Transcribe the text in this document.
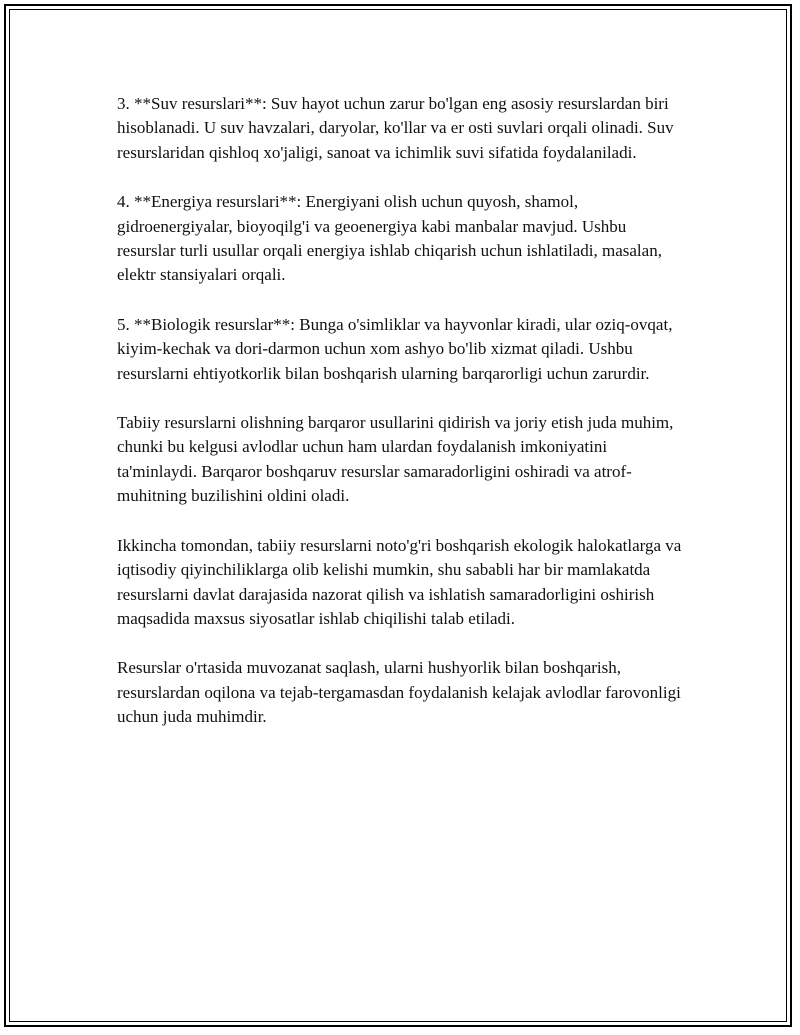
3. **Suv resurslari**: Suv hayot uchun zarur bo'lgan eng asosiy resurslardan biri hisoblanadi. U suv havzalari, daryolar, ko'llar va er osti suvlari orqali olinadi. Suv resurslaridan qishloq xo'jaligi, sanoat va ichimlik suvi sifatida foydalaniladi.

4. **Energiya resurslari**: Energiyani olish uchun quyosh, shamol, gidroenergiyalar, bioyoqilg'i va geoenergiya kabi manbalar mavjud. Ushbu resurslar turli usullar orqali energiya ishlab chiqarish uchun ishlatiladi, masalan, elektr stansiyalari orqali.

5. **Biologik resurslar**: Bunga o'simliklar va hayvonlar kiradi, ular oziq-ovqat, kiyim-kechak va dori-darmon uchun xom ashyo bo'lib xizmat qiladi. Ushbu resurslarni ehtiyotkorlik bilan boshqarish ularning barqarorligi uchun zarurdir.

Tabiiy resurslarni olishning barqaror usullarini qidirish va joriy etish juda muhim, chunki bu kelgusi avlodlar uchun ham ulardan foydalanish imkoniyatini ta'minlaydi. Barqaror boshqaruv resurslar samaradorligini oshiradi va atrof-muhitning buzilishini oldini oladi.

Ikkincha tomondan, tabiiy resurslarni noto'g'ri boshqarish ekologik halokatlarga va iqtisodiy qiyinchiliklarga olib kelishi mumkin, shu sababli har bir mamlakatda resurslarni davlat darajasida nazorat qilish va ishlatish samaradorligini oshirish maqsadida maxsus siyosatlar ishlab chiqilishi talab etiladi.

Resurslar o'rtasida muvozanat saqlash, ularni hushyorlik bilan boshqarish, resurslardan oqilona va tejab-tergamasdan foydalanish kelajak avlodlar farovonligi uchun juda muhimdir.
